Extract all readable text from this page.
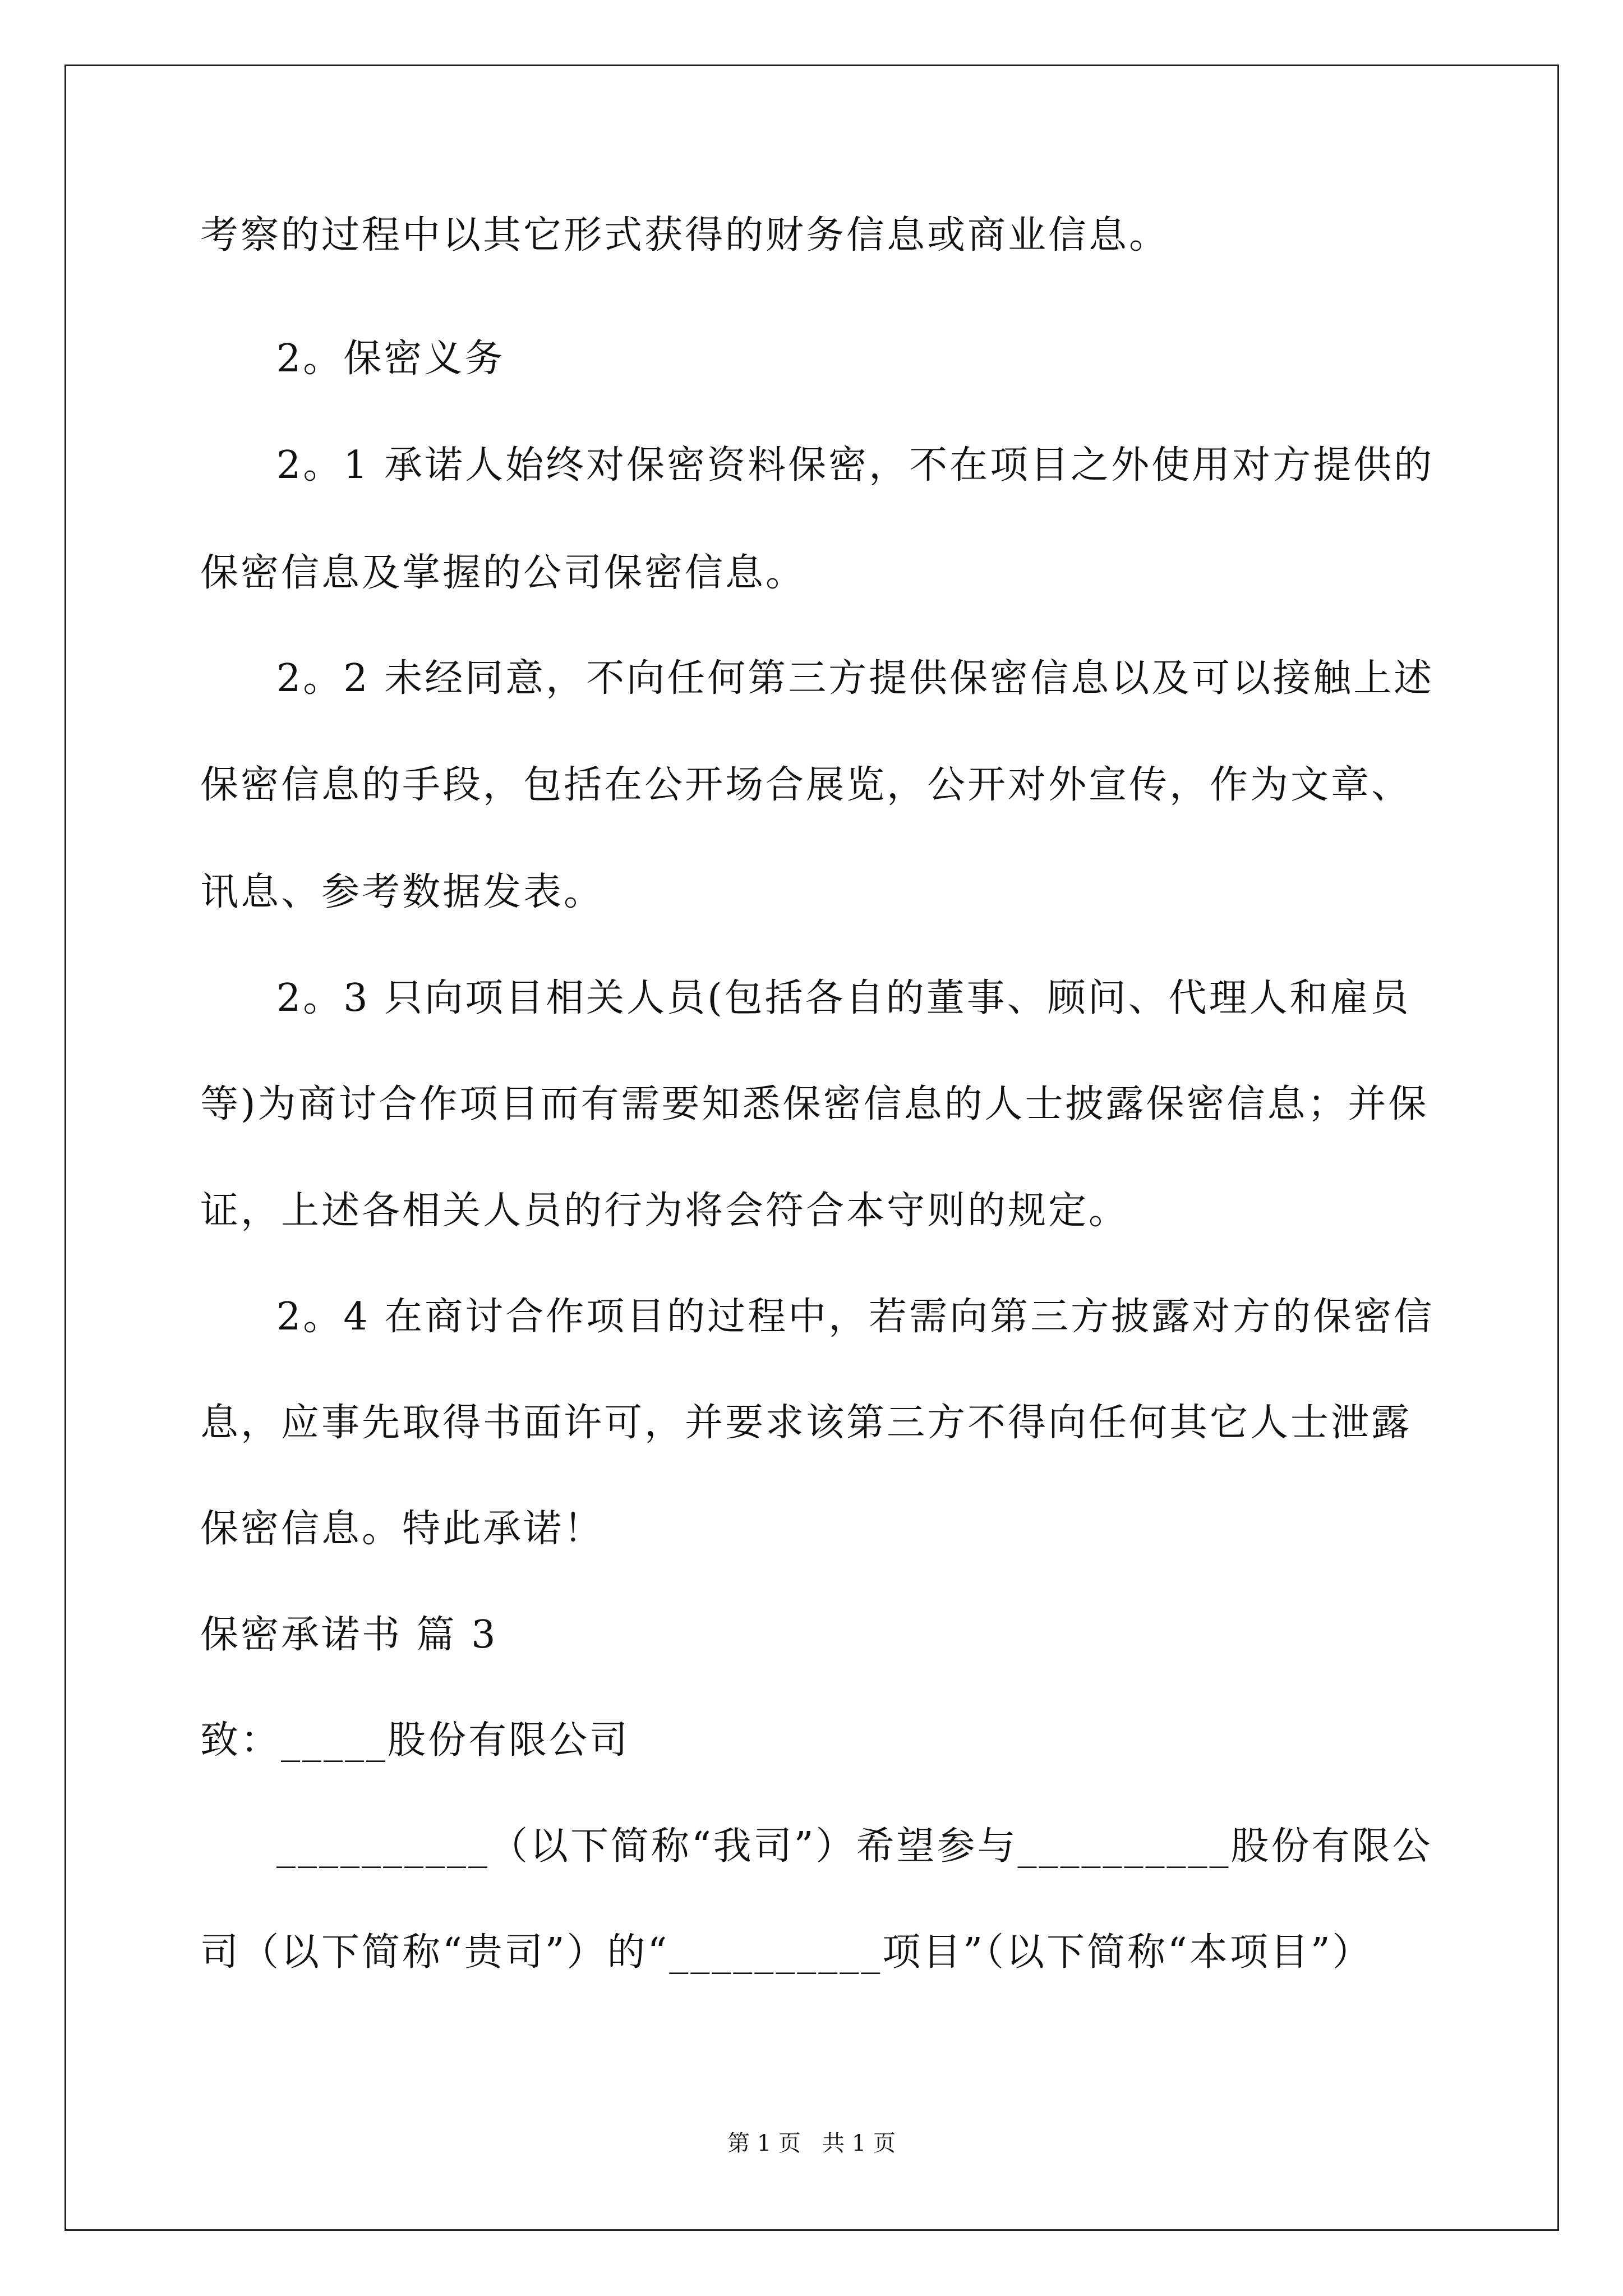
考察的过程中以其它形式获得的财务信息或商业信息。
2。保密义务
2。1 承诺人始终对保密资料保密，不在项目之外使用对方提供的
保密信息及掌握的公司保密信息。
2。2 未经同意，不向任何第三方提供保密信息以及可以接触上述
保密信息的手段，包括在公开场合展览，公开对外宣传，作为文章、
讯息、参考数据发表。
2。3 只向项目相关人员(包括各自的董事、顾问、代理人和雇员
等)为商讨合作项目而有需要知悉保密信息的人士披露保密信息；并保
证，上述各相关人员的行为将会符合本守则的规定。
2。4 在商讨合作项目的过程中，若需向第三方披露对方的保密信
息，应事先取得书面许可，并要求该第三方不得向任何其它人士泄露
保密信息。特此承诺！
保密承诺书 篇 3
致：_____股份有限公司
__________（以下简称“我司”）希望参与__________股份有限公
司（以下简称“贵司”）的“__________项目”（以下简称“本项目”）
第 1 页   共 1 页
